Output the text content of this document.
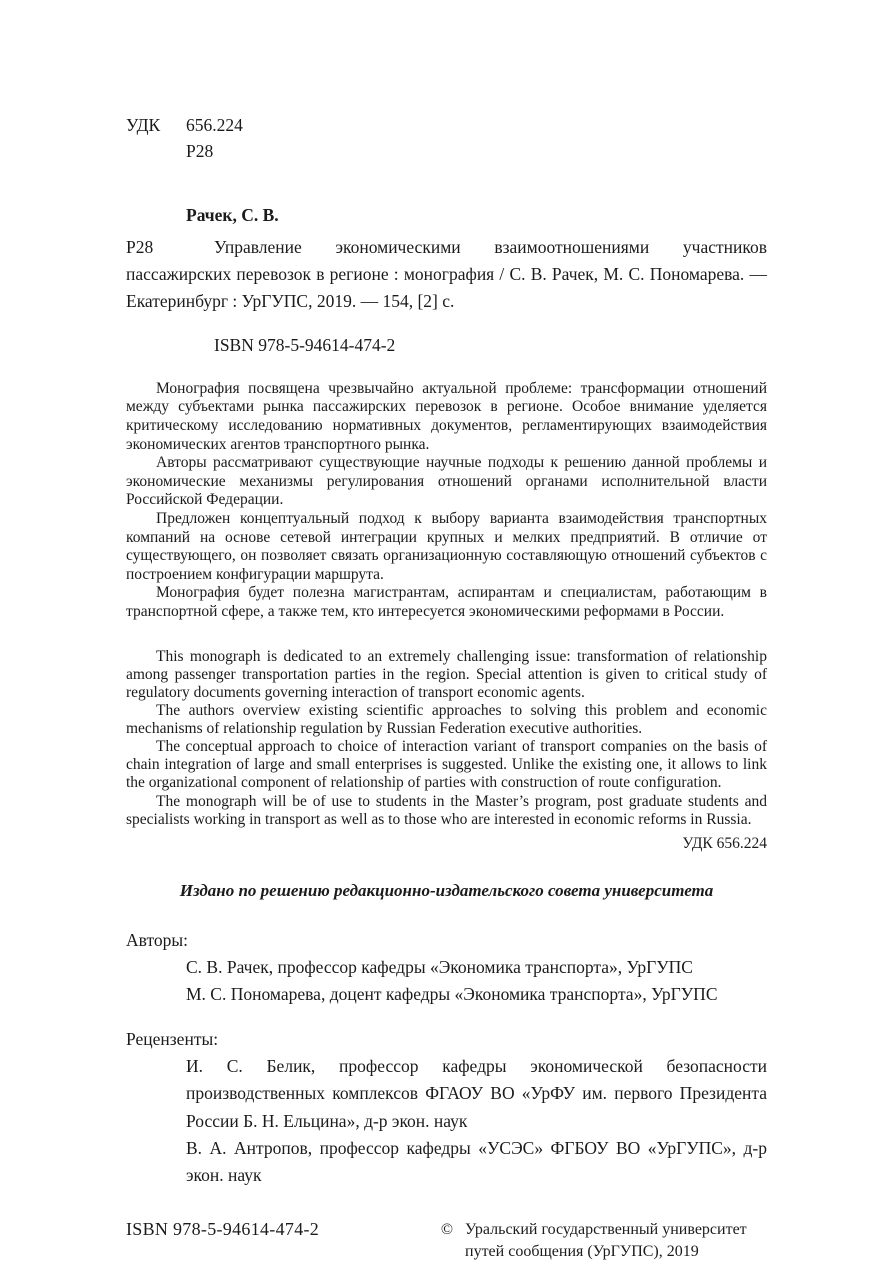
УДК 656.224
Р28
Рачек, С. В.
Р28	Управление экономическими взаимоотношениями участников пассажирских перевозок в регионе : монография / С. В. Рачек, М. С. Пономарева. — Екатеринбург : УрГУПС, 2019. — 154, [2] с.

ISBN 978-5-94614-474-2

Монография посвящена чрезвычайно актуальной проблеме: трансформации отношений между субъектами рынка пассажирских перевозок в регионе. Особое внимание уделяется критическому исследованию нормативных документов, регламентирующих взаимодействия экономических агентов транспортного рынка.

Авторы рассматривают существующие научные подходы к решению данной проблемы и экономические механизмы регулирования отношений органами исполнительной власти Российской Федерации.

Предложен концептуальный подход к выбору варианта взаимодействия транспортных компаний на основе сетевой интеграции крупных и мелких предприятий. В отличие от существующего, он позволяет связать организационную составляющую отношений субъектов с построением конфигурации маршрута.

Монография будет полезна магистрантам, аспирантам и специалистам, работающим в транспортной сфере, а также тем, кто интересуется экономическими реформами в России.

This monograph is dedicated to an extremely challenging issue: transformation of relationship among passenger transportation parties in the region. Special attention is given to critical study of regulatory documents governing interaction of transport economic agents.

The authors overview existing scientific approaches to solving this problem and economic mechanisms of relationship regulation by Russian Federation executive authorities.

The conceptual approach to choice of interaction variant of transport companies on the basis of chain integration of large and small enterprises is suggested. Unlike the existing one, it allows to link the organizational component of relationship of parties with construction of route configuration.

The monograph will be of use to students in the Master’s program, post graduate students and specialists working in transport as well as to those who are interested in economic reforms in Russia.

УДК 656.224
Издано по решению редакционно-издательского совета университета
Авторы:
С. В. Рачек, профессор кафедры «Экономика транспорта», УрГУПС
М. С. Пономарева, доцент кафедры «Экономика транспорта», УрГУПС
Рецензенты:
И. С. Белик, профессор кафедры экономической безопасности производственных комплексов ФГАОУ ВО «УрФУ им. первого Президента России Б. Н. Ельцина», д-р экон. наук
В. А. Антропов, профессор кафедры «УСЭС» ФГБОУ ВО «УрГУПС», д-р экон. наук
ISBN 978-5-94614-474-2	© Уральский государственный университет путей сообщения (УрГУПС), 2019
